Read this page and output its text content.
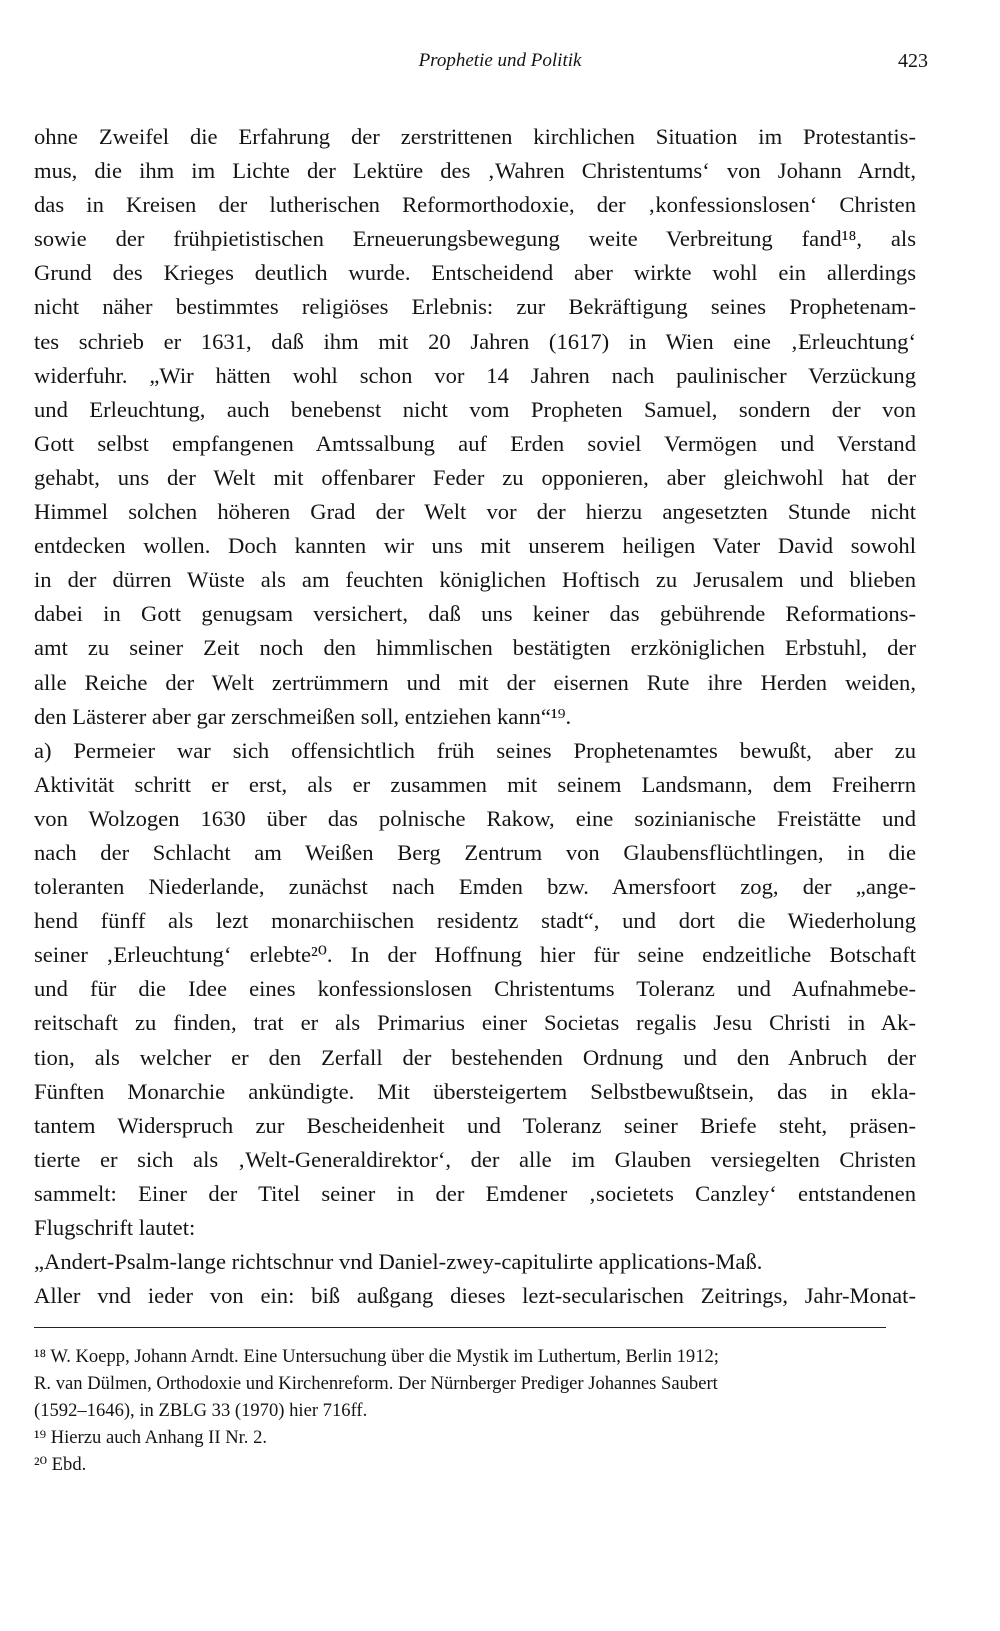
Prophetie und Politik	423
ohne Zweifel die Erfahrung der zerstrittenen kirchlichen Situation im Protestantis-
mus, die ihm im Lichte der Lektüre des ‚Wahren Christentums‘ von Johann Arndt,
das in Kreisen der lutherischen Reformorthodoxie, der ‚konfessionslosen‘ Christen
sowie der frühpietistischen Erneuerungsbewegung weite Verbreitung fand¹⁸, als
Grund des Krieges deutlich wurde. Entscheidend aber wirkte wohl ein allerdings
nicht näher bestimmtes religiöses Erlebnis: zur Bekräftigung seines Prophetenam-
tes schrieb er 1631, daß ihm mit 20 Jahren (1617) in Wien eine ‚Erleuchtung‘
widerfuhr. „Wir hätten wohl schon vor 14 Jahren nach paulinischer Verzückung
und Erleuchtung, auch benebenst nicht vom Propheten Samuel, sondern der von
Gott selbst empfangenen Amtssalbung auf Erden soviel Vermögen und Verstand
gehabt, uns der Welt mit offenbarer Feder zu opponieren, aber gleichwohl hat der
Himmel solchen höheren Grad der Welt vor der hierzu angesetzten Stunde nicht
entdecken wollen. Doch kannten wir uns mit unserem heiligen Vater David sowohl
in der dürren Wüste als am feuchten königlichen Hoftisch zu Jerusalem und blieben
dabei in Gott genugsam versichert, daß uns keiner das gebührende Reformations-
amt zu seiner Zeit noch den himmlischen bestätigten erzköniglichen Erbstuhl, der
alle Reiche der Welt zertrümmern und mit der eisernen Rute ihre Herden weiden,
den Lästerer aber gar zerschmeißen soll, entziehen kann“¹⁹.
a) Permeier war sich offensichtlich früh seines Prophetenamtes bewußt, aber zu
Aktivität schritt er erst, als er zusammen mit seinem Landsmann, dem Freiherrn
von Wolzogen 1630 über das polnische Rakow, eine sozinianische Freistätte und
nach der Schlacht am Weißen Berg Zentrum von Glaubensflüchtlingen, in die
toleranten Niederlande, zunächst nach Emden bzw. Amersfoort zog, der „ange-
hend fünff als lezt monarchiischen residentz stadt“, und dort die Wiederholung
seiner ‚Erleuchtung‘ erlebte²⁰. In der Hoffnung hier für seine endzeitliche Botschaft
und für die Idee eines konfessionslosen Christentums Toleranz und Aufnahmebe-
reitschaft zu finden, trat er als Primarius einer Societas regalis Jesu Christi in Ak-
tion, als welcher er den Zerfall der bestehenden Ordnung und den Anbruch der
Fünften Monarchie ankündigte. Mit übersteigertem Selbstbewußtsein, das in ekla-
tantem Widerspruch zur Bescheidenheit und Toleranz seiner Briefe steht, präsen-
tierte er sich als ‚Welt-Generaldirektor‘, der alle im Glauben versiegelten Christen
sammelt: Einer der Titel seiner in der Emdener ‚societets Canzley‘ entstandenen
Flugschrift lautet:
„Andert-Psalm-lange richtschnur vnd Daniel-zwey-capitulirte applications-Maß.
Aller vnd ieder von ein: biß außgang dieses lezt-secularischen Zeitrings, Jahr-Monat-
¹⁸ W. Koepp, Johann Arndt. Eine Untersuchung über die Mystik im Luthertum, Berlin 1912;
R. van Dülmen, Orthodoxie und Kirchenreform. Der Nürnberger Prediger Johannes Saubert
(1592–1646), in ZBLG 33 (1970) hier 716ff.
¹⁹ Hierzu auch Anhang II Nr. 2.
²⁰ Ebd.
